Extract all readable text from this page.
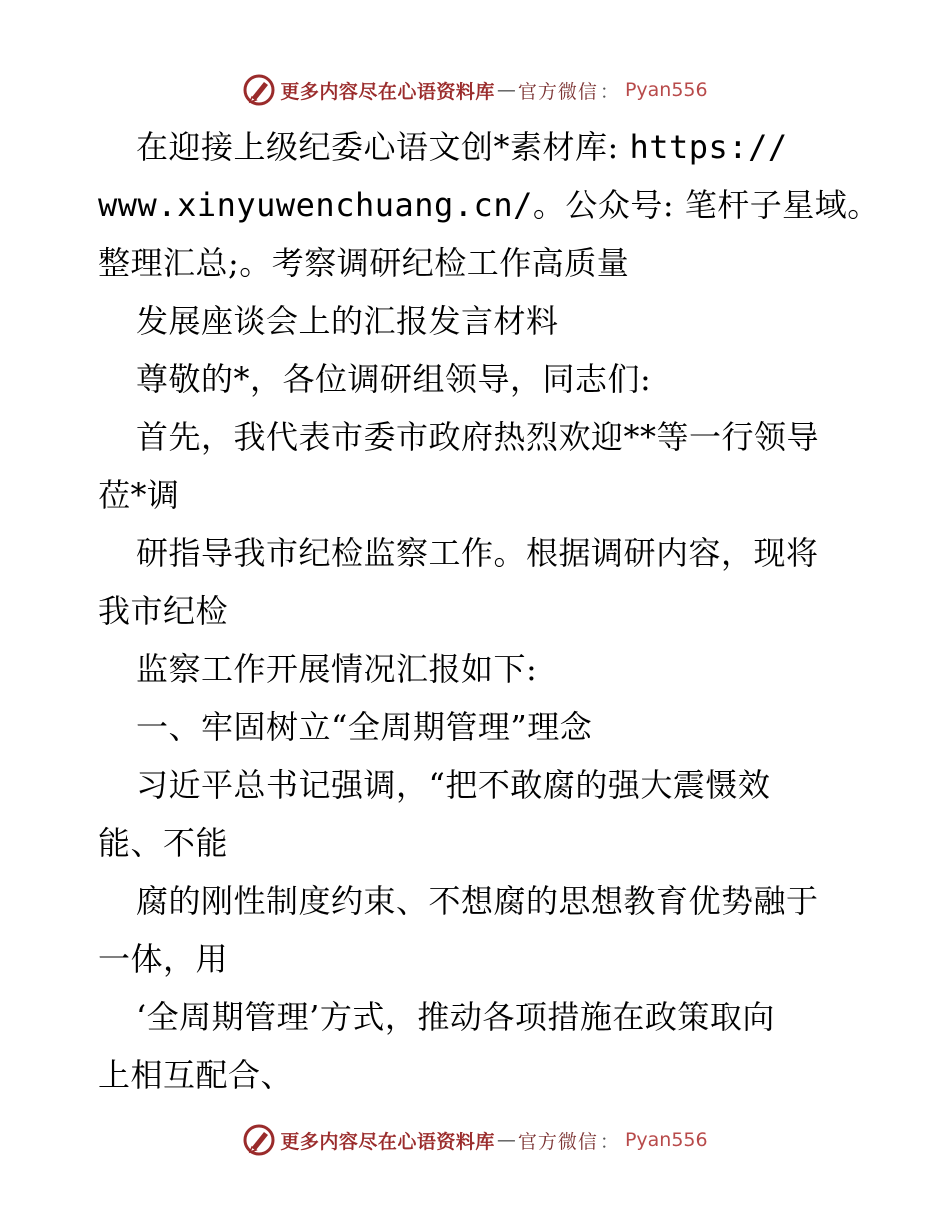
更多内容尽在心语资料库 — 官方微信 ： Pyan556

在迎接上级纪委心语文创*素材库: https://

www.xinyuwenchuang.cn/。公众号: 笔杆子星域。

整理汇总;。考察调研纪检工作高质量

发展座谈会上的汇报发言材料

尊敬的*，各位调研组领导，同志们:

首先，我代表市委市政府热烈欢迎**等一行领导

莅*调

研指导我市纪检监察工作。根据调研内容，现将

我市纪检

监察工作开展情况汇报如下:

一、牢固树立“全周期管理”理念

习近平总书记强调，“把不敢腐的强大震慑效

能、不能

腐的刚性制度约束、不想腐的思想教育优势融于

一体，用

‘全周期管理’方式，推动各项措施在政策取向

上相互配合、

更多内容尽在心语资料库 — 官方微信 ： Pyan556
